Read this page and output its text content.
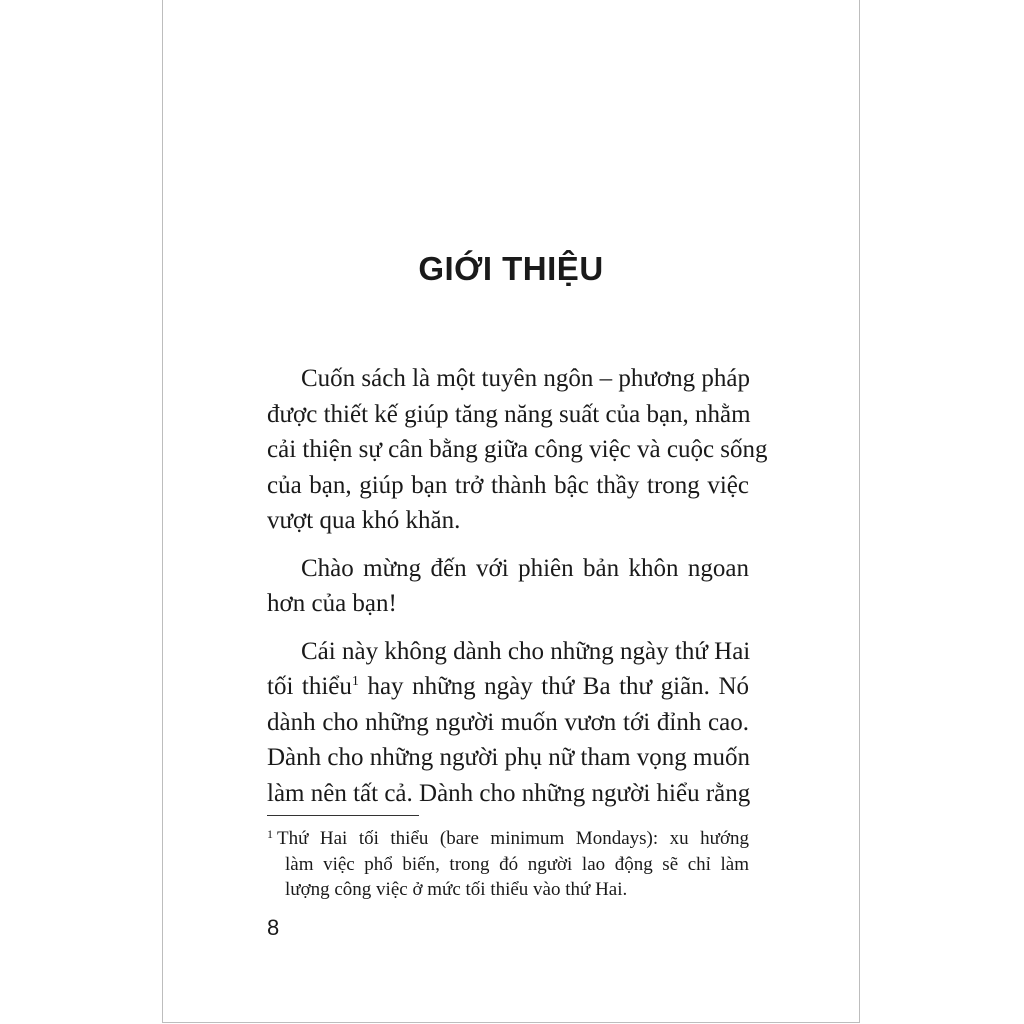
GIỚI THIỆU
Cuốn sách là một tuyên ngôn – phương pháp
được thiết kế giúp tăng năng suất của bạn, nhằm
cải thiện sự cân bằng giữa công việc và cuộc sống
của bạn, giúp bạn trở thành bậc thầy trong việc
vượt qua khó khăn.
Chào mừng đến với phiên bản khôn ngoan
hơn của bạn!
Cái này không dành cho những ngày thứ Hai
tối thiểu$^1$ hay những ngày thứ Ba thư giãn. Nó
dành cho những người muốn vươn tới đỉnh cao.
Dành cho những người phụ nữ tham vọng muốn
làm nên tất cả. Dành cho những người hiểu rằng
$^1$ Thứ Hai tối thiểu (bare minimum Mondays): xu hướng
làm việc phổ biến, trong đó người lao động sẽ chỉ làm
lượng công việc ở mức tối thiểu vào thứ Hai.
8
